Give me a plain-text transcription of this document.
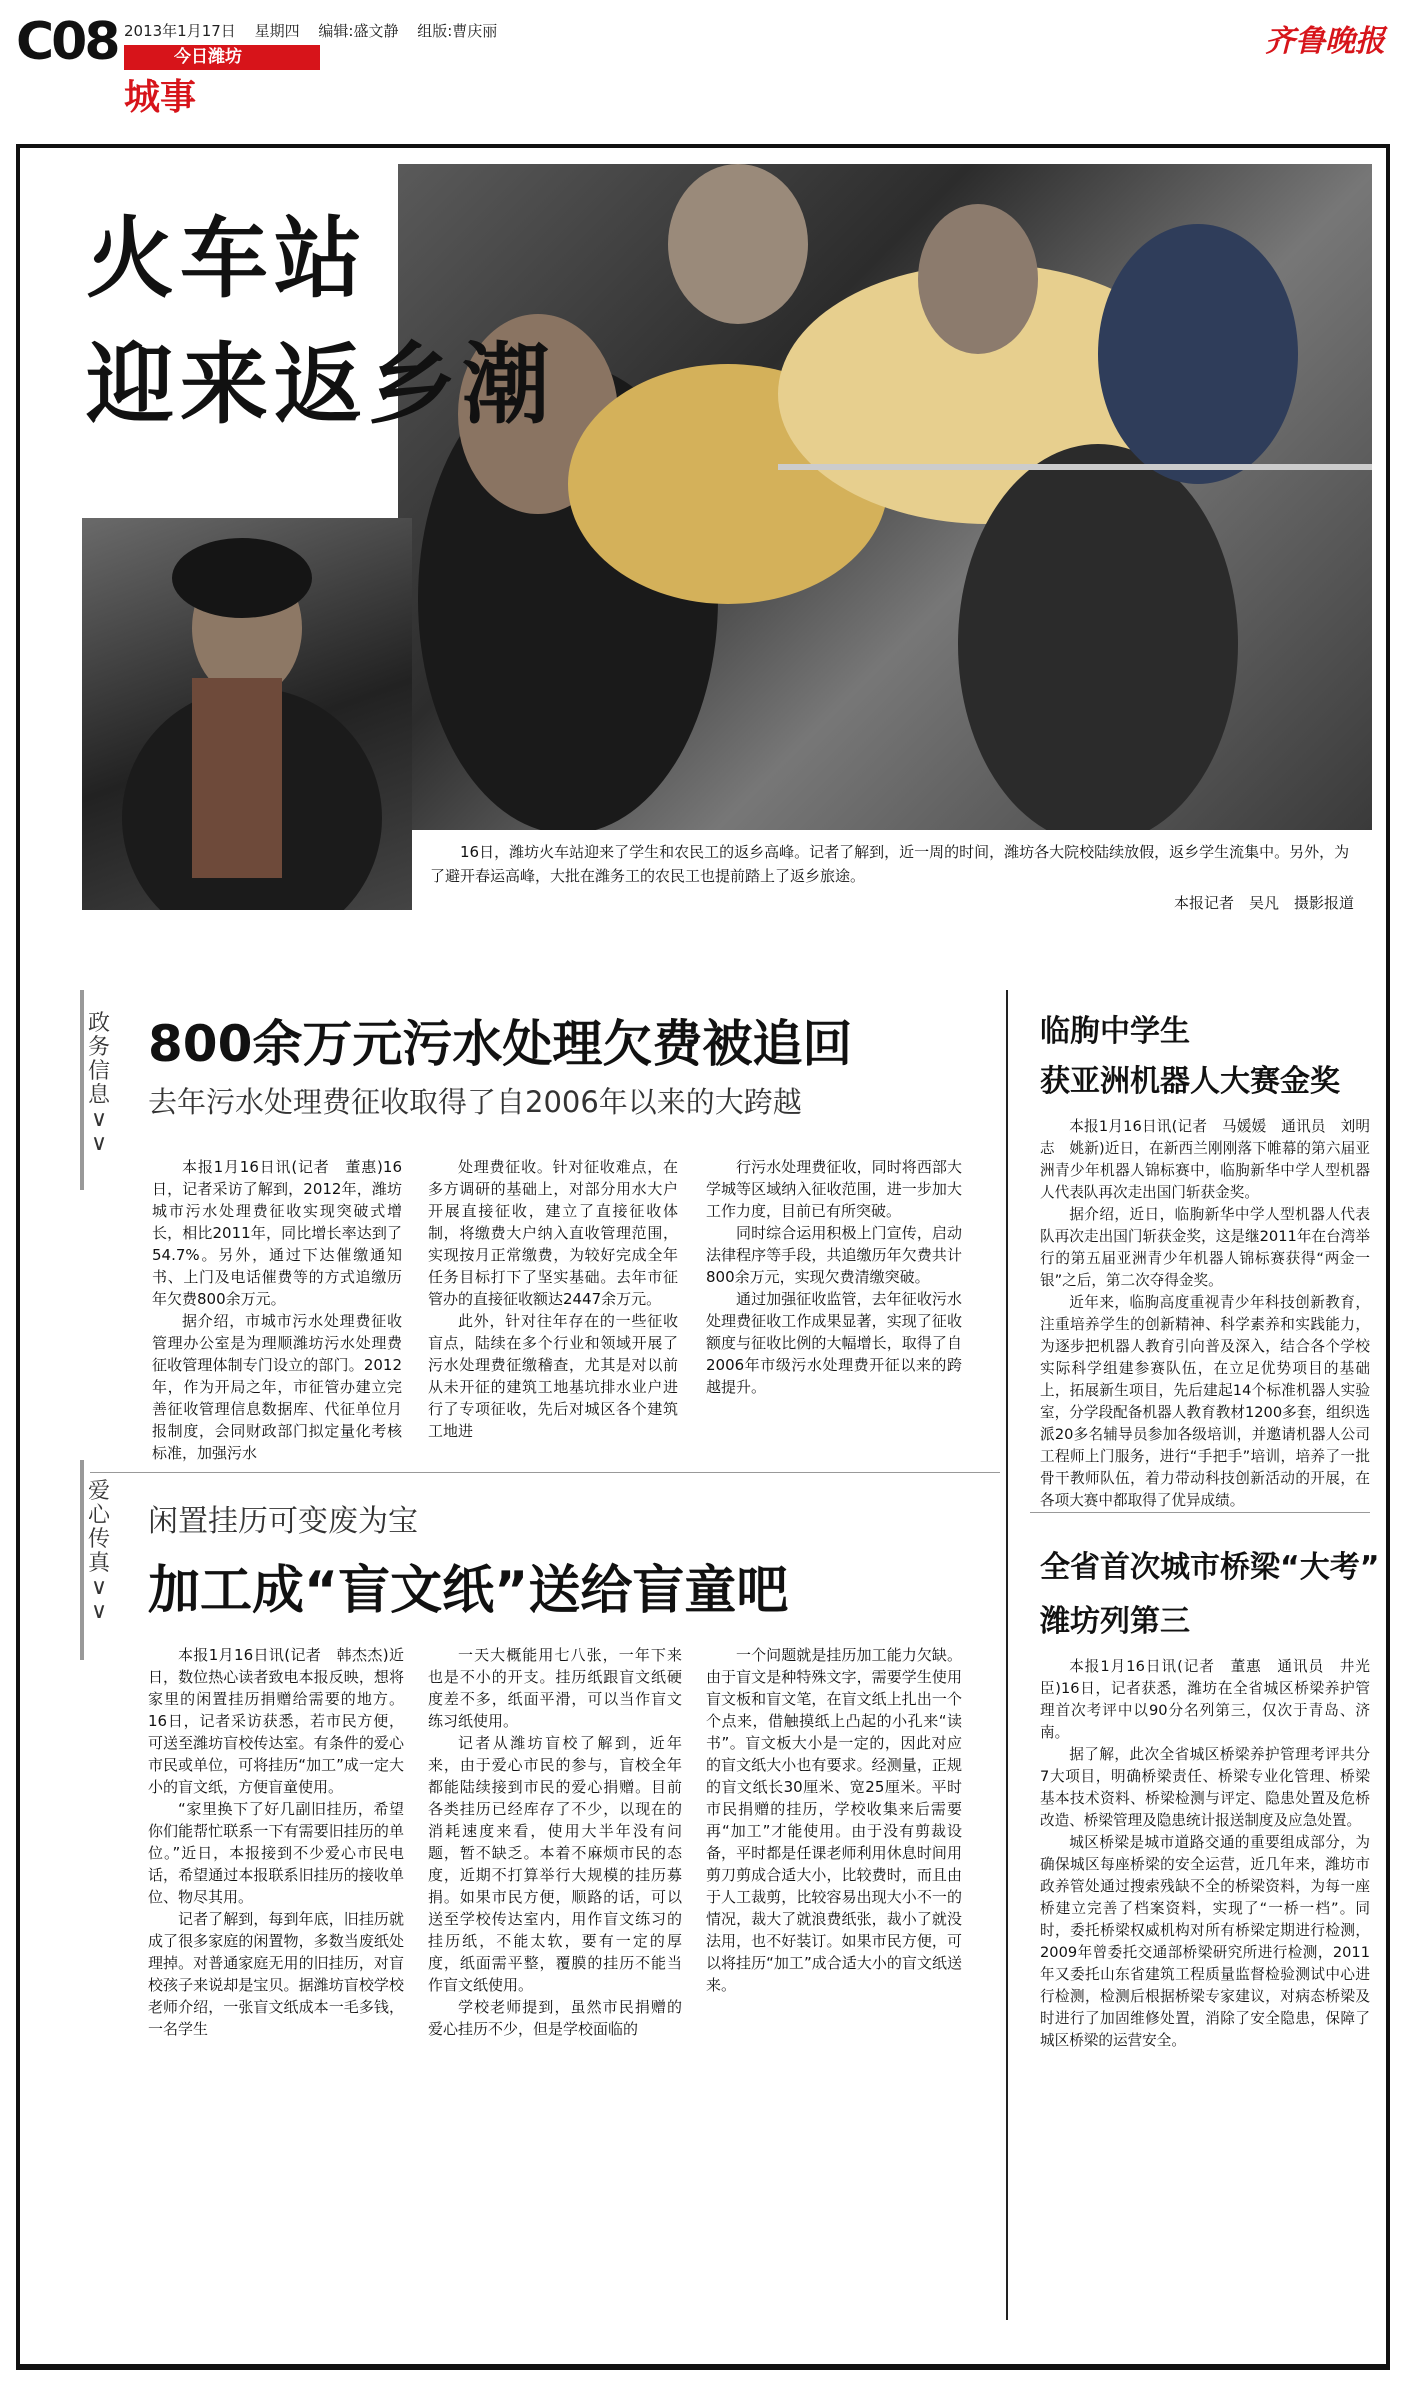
C08 2013年1月17日 星期四 编辑:盛文静 组版:曹庆丽
今日潍坊
城事
齐鲁晚报
火车站
迎来返乡潮
16日，潍坊火车站迎来了学生和农民工的返乡高峰。记者了解到，近一周的时间，潍坊各大院校陆续放假，返乡学生流集中。另外，为了避开春运高峰，大批在潍务工的农民工也提前踏上了返乡旅途。
本报记者　吴凡　摄影报道
政
务
信
息
∨
∨
爱
心
传
真
∨
∨
800余万元污水处理欠费被追回
去年污水处理费征收取得了自2006年以来的大跨越

本报1月16日讯(记者　董惠)16日，记者采访了解到，2012年，潍坊城市污水处理费征收实现突破式增长，相比2011年，同比增长率达到了54.7%。另外，通过下达催缴通知书、上门及电话催费等的方式追缴历年欠费800余万元。

据介绍，市城市污水处理费征收管理办公室是为理顺潍坊污水处理费征收管理体制专门设立的部门。2012年，作为开局之年，市征管办建立完善征收管理信息数据库、代征单位月报制度，会同财政部门拟定量化考核标准，加强污水

处理费征收。针对征收难点，在多方调研的基础上，对部分用水大户开展直接征收，建立了直接征收体制，将缴费大户纳入直收管理范围，实现按月正常缴费，为较好完成全年任务目标打下了坚实基础。去年市征管办的直接征收额达2447余万元。

此外，针对往年存在的一些征收盲点，陆续在多个行业和领域开展了污水处理费征缴稽查，尤其是对以前从未开征的建筑工地基坑排水业户进行了专项征收，先后对城区各个建筑工地进

行污水处理费征收，同时将西部大学城等区域纳入征收范围，进一步加大工作力度，目前已有所突破。

同时综合运用积极上门宣传，启动法律程序等手段，共追缴历年欠费共计800余万元，实现欠费清缴突破。

通过加强征收监管，去年征收污水处理费征收工作成果显著，实现了征收额度与征收比例的大幅增长，取得了自2006年市级污水处理费开征以来的跨越提升。

闲置挂历可变废为宝
加工成“盲文纸”送给盲童吧

本报1月16日讯(记者　韩杰杰)近日，数位热心读者致电本报反映，想将家里的闲置挂历捐赠给需要的地方。16日，记者采访获悉，若市民方便，可送至潍坊盲校传达室。有条件的爱心市民或单位，可将挂历“加工”成一定大小的盲文纸，方便盲童使用。

“家里换下了好几副旧挂历，希望你们能帮忙联系一下有需要旧挂历的单位。”近日，本报接到不少爱心市民电话，希望通过本报联系旧挂历的接收单位、物尽其用。

记者了解到，每到年底，旧挂历就成了很多家庭的闲置物，多数当废纸处理掉。对普通家庭无用的旧挂历，对盲校孩子来说却是宝贝。据潍坊盲校学校老师介绍，一张盲文纸成本一毛多钱，一名学生

一天大概能用七八张，一年下来也是不小的开支。挂历纸跟盲文纸硬度差不多，纸面平滑，可以当作盲文练习纸使用。

记者从潍坊盲校了解到，近年来，由于爱心市民的参与，盲校全年都能陆续接到市民的爱心捐赠。目前各类挂历已经库存了不少，以现在的消耗速度来看，使用大半年没有问题，暂不缺乏。本着不麻烦市民的态度，近期不打算举行大规模的挂历募捐。如果市民方便，顺路的话，可以送至学校传达室内，用作盲文练习的挂历纸，不能太软，要有一定的厚度，纸面需平整，覆膜的挂历不能当作盲文纸使用。

学校老师提到，虽然市民捐赠的爱心挂历不少，但是学校面临的

一个问题就是挂历加工能力欠缺。由于盲文是种特殊文字，需要学生使用盲文板和盲文笔，在盲文纸上扎出一个个点来，借触摸纸上凸起的小孔来“读书”。盲文板大小是一定的，因此对应的盲文纸大小也有要求。经测量，正规的盲文纸长30厘米、宽25厘米。平时市民捐赠的挂历，学校收集来后需要再“加工”才能使用。由于没有剪裁设备，平时都是任课老师利用休息时间用剪刀剪成合适大小，比较费时，而且由于人工裁剪，比较容易出现大小不一的情况，裁大了就浪费纸张，裁小了就没法用，也不好装订。如果市民方便，可以将挂历“加工”成合适大小的盲文纸送来。

临朐中学生
获亚洲机器人大赛金奖

本报1月16日讯(记者　马媛媛　通讯员　刘明志　姚新)近日，在新西兰刚刚落下帷幕的第六届亚洲青少年机器人锦标赛中，临朐新华中学人型机器人代表队再次走出国门斩获金奖。

据介绍，近日，临朐新华中学人型机器人代表队再次走出国门斩获金奖，这是继2011年在台湾举行的第五届亚洲青少年机器人锦标赛获得“两金一银”之后，第二次夺得金奖。

近年来，临朐高度重视青少年科技创新教育，注重培养学生的创新精神、科学素养和实践能力，为逐步把机器人教育引向普及深入，结合各个学校实际科学组建参赛队伍，在立足优势项目的基础上，拓展新生项目，先后建起14个标准机器人实验室，分学段配备机器人教育教材1200多套，组织选派20多名辅导员参加各级培训，并邀请机器人公司工程师上门服务，进行“手把手”培训，培养了一批骨干教师队伍，着力带动科技创新活动的开展，在各项大赛中都取得了优异成绩。

全省首次城市桥梁“大考”
潍坊列第三

本报1月16日讯(记者　董惠　通讯员　井光臣)16日，记者获悉，潍坊在全省城区桥梁养护管理首次考评中以90分名列第三，仅次于青岛、济南。

据了解，此次全省城区桥梁养护管理考评共分7大项目，明确桥梁责任、桥梁专业化管理、桥梁基本技术资料、桥梁检测与评定、隐患处置及危桥改造、桥梁管理及隐患统计报送制度及应急处置。

城区桥梁是城市道路交通的重要组成部分，为确保城区每座桥梁的安全运营，近几年来，潍坊市政养管处通过搜索残缺不全的桥梁资料，为每一座桥建立完善了档案资料，实现了“一桥一档”。同时，委托桥梁权威机构对所有桥梁定期进行检测，2009年曾委托交通部桥梁研究所进行检测，2011年又委托山东省建筑工程质量监督检验测试中心进行检测，检测后根据桥梁专家建议，对病态桥梁及时进行了加固维修处置，消除了安全隐患，保障了城区桥梁的运营安全。
